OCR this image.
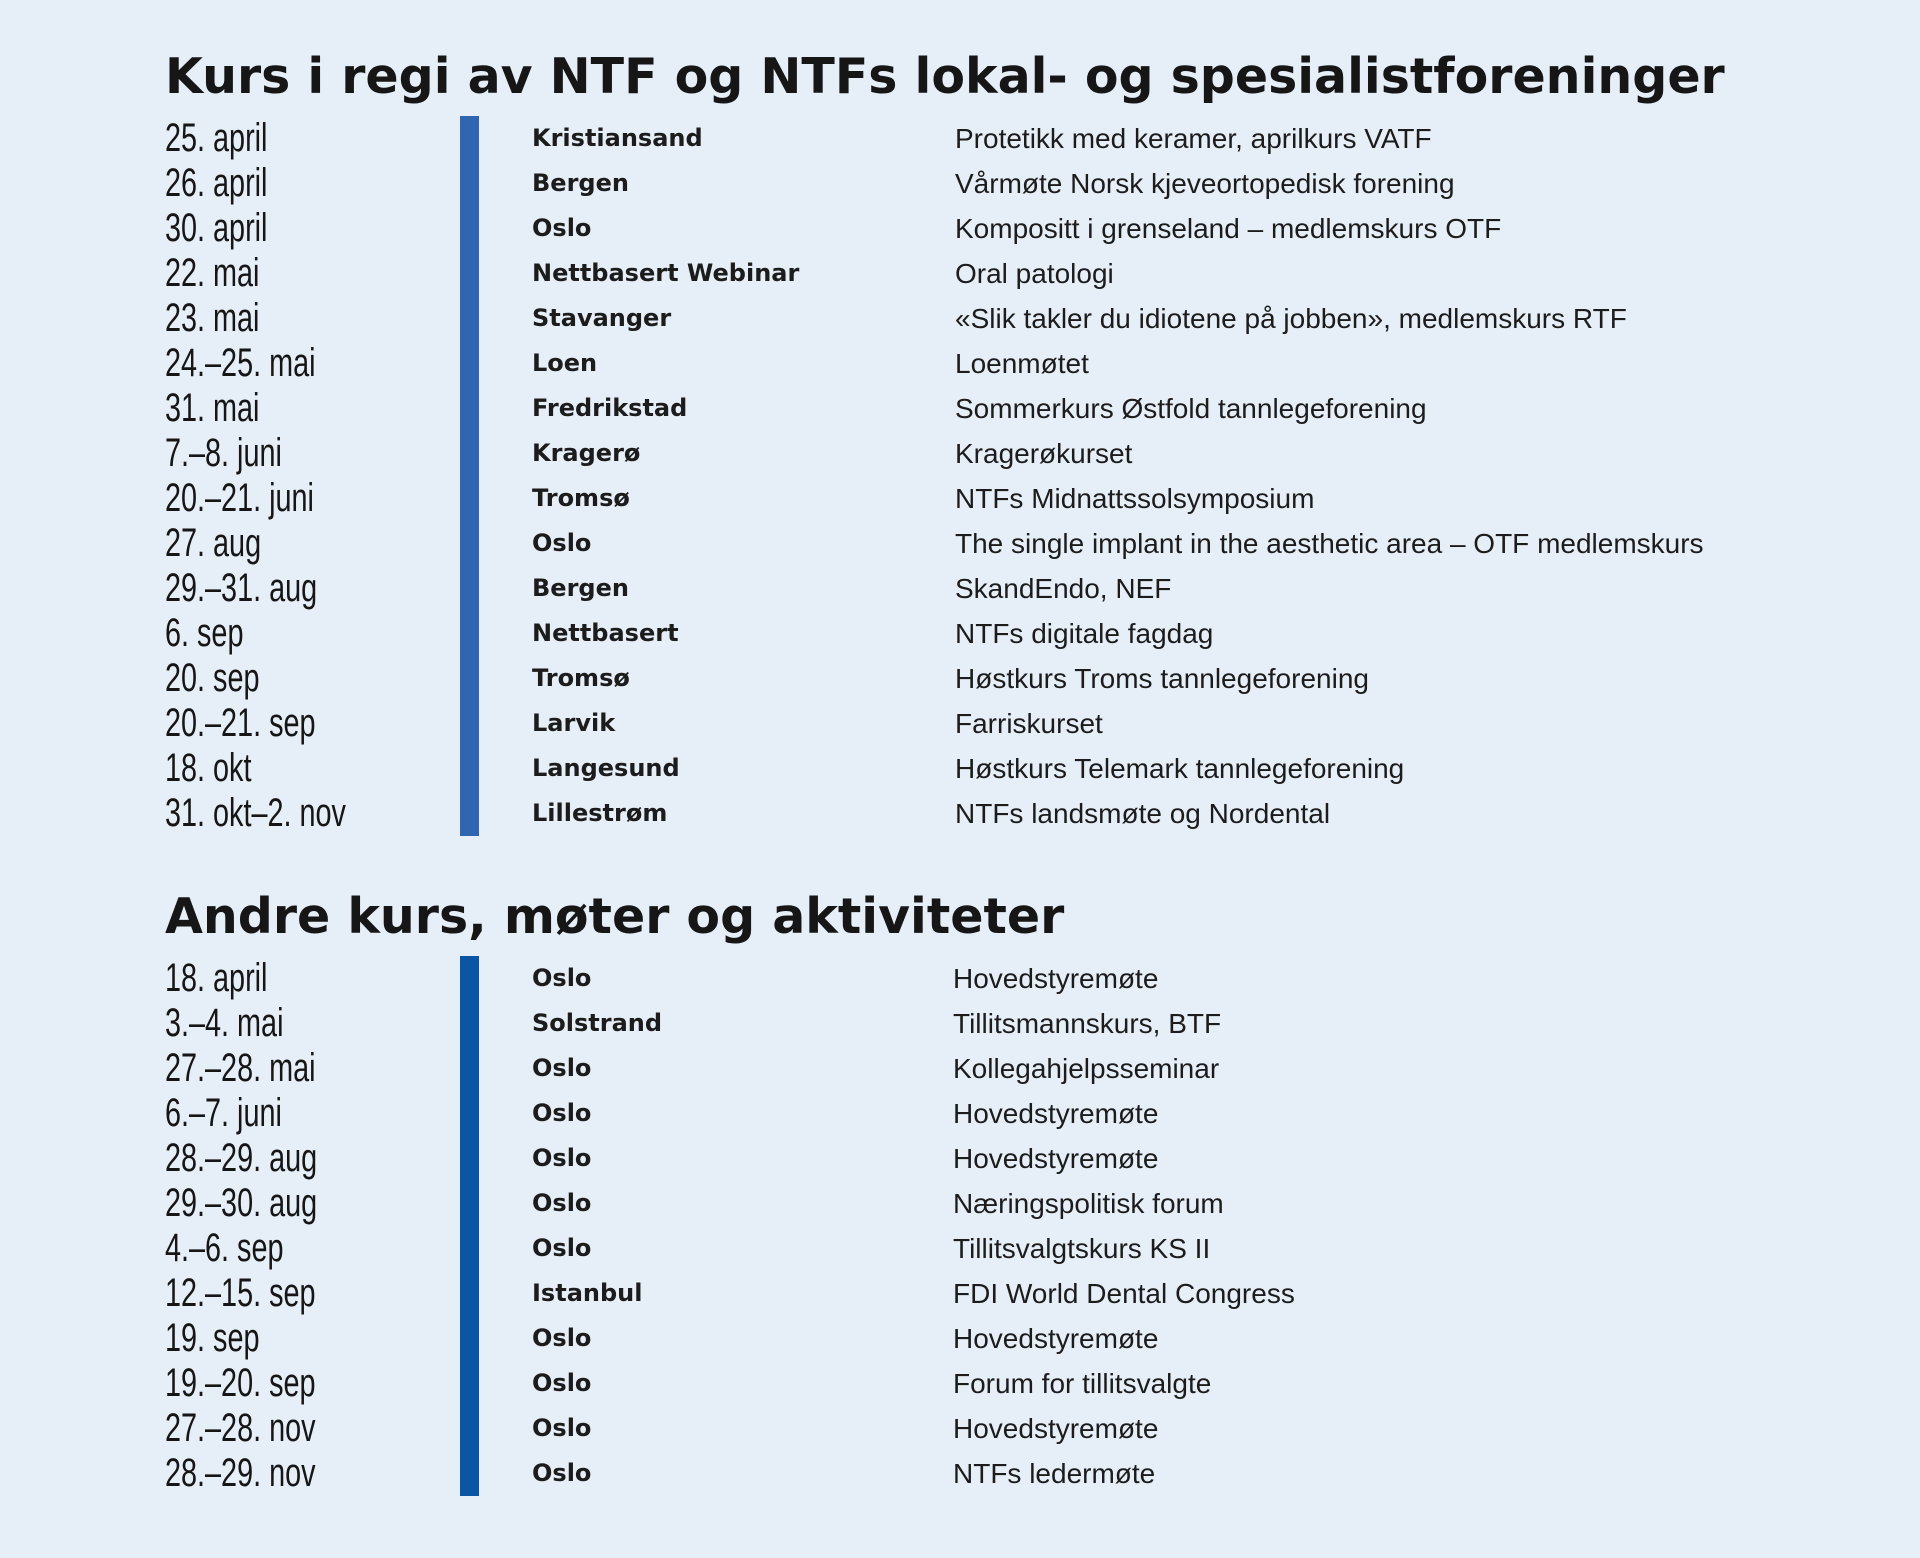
Kurs i regi av NTF og NTFs lokal- og spesialistforeninger
25. april	Kristiansand	Protetikk med keramer, aprilkurs VATF
26. april	Bergen	Vårmøte Norsk kjeveortopedisk forening
30. april	Oslo	Kompositt i grenseland – medlemskurs OTF
22. mai	Nettbasert Webinar	Oral patologi
23. mai	Stavanger	«Slik takler du idiotene på jobben», medlemskurs RTF
24.–25. mai	Loen	Loenmøtet
31. mai	Fredrikstad	Sommerkurs Østfold tannlegeforening
7.–8. juni	Kragerø	Kragerøkurset
20.–21. juni	Tromsø	NTFs Midnattssolsymposium
27. aug	Oslo	The single implant in the aesthetic area – OTF medlemskurs
29.–31. aug	Bergen	SkandEndo, NEF
6. sep	Nettbasert	NTFs digitale fagdag
20. sep	Tromsø	Høstkurs Troms tannlegeforening
20.–21. sep	Larvik	Farriskurset
18. okt	Langesund	Høstkurs Telemark tannlegeforening
31. okt–2. nov	Lillestrøm	NTFs landsmøte og Nordental
Andre kurs, møter og aktiviteter
18. april	Oslo	Hovedstyremøte
3.–4. mai	Solstrand	Tillitsmannskurs, BTF
27.–28. mai	Oslo	Kollegahjelpsseminar
6.–7. juni	Oslo	Hovedstyremøte
28.–29. aug	Oslo	Hovedstyremøte
29.–30. aug	Oslo	Næringspolitisk forum
4.–6. sep	Oslo	Tillitsvalgtskurs KS II
12.–15. sep	Istanbul	FDI World Dental Congress
19. sep	Oslo	Hovedstyremøte
19.–20. sep	Oslo	Forum for tillitsvalgte
27.–28. nov	Oslo	Hovedstyremøte
28.–29. nov	Oslo	NTFs ledermøte
